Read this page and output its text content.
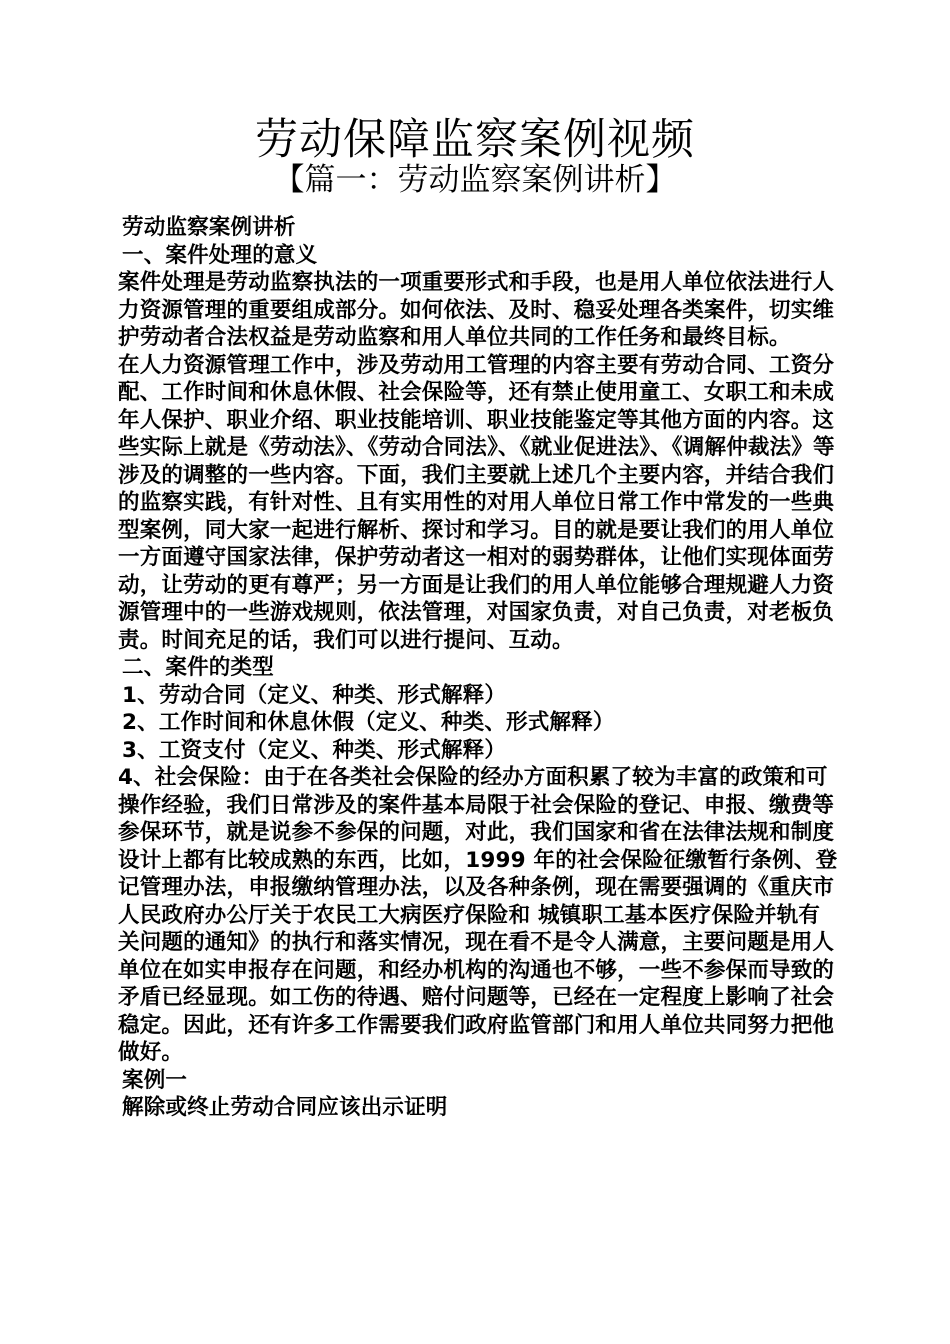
劳动保障监察案例视频
【篇一：劳动监察案例讲析】

劳动监察案例讲析

一、案件处理的意义

案件处理是劳动监察执法的一项重要形式和手段，也是用人单位依法进行人力资源管理的重要组成部分。如何依法、及时、稳妥处理各类案件，切实维护劳动者合法权益是劳动监察和用人单位共同的工作任务和最终目标。

在人力资源管理工作中，涉及劳动用工管理的内容主要有劳动合同、工资分配、工作时间和休息休假、社会保险等，还有禁止使用童工、女职工和未成年人保护、职业介绍、职业技能培训、职业技能鉴定等其他方面的内容。这些实际上就是《劳动法》、《劳动合同法》、《就业促进法》、《调解仲裁法》等涉及的调整的一些内容。下面，我们主要就上述几个主要内容，并结合我们的监察实践，有针对性、且有实用性的对用人单位日常工作中常发的一些典型案例，同大家一起进行解析、探讨和学习。目的就是要让我们的用人单位一方面遵守国家法律，保护劳动者这一相对的弱势群体，让他们实现体面劳动，让劳动的更有尊严；另一方面是让我们的用人单位能够合理规避人力资源管理中的一些游戏规则，依法管理，对国家负责，对自己负责，对老板负责。时间充足的话，我们可以进行提问、互动。

二、案件的类型

1、劳动合同（定义、种类、形式解释）

2、工作时间和休息休假（定义、种类、形式解释）

3、工资支付（定义、种类、形式解释）

4、社会保险：由于在各类社会保险的经办方面积累了较为丰富的政策和可操作经验，我们日常涉及的案件基本局限于社会保险的登记、申报、缴费等参保环节，就是说参不参保的问题，对此，我们国家和省在法律法规和制度设计上都有比较成熟的东西，比如，1999 年的社会保险征缴暂行条例、登记管理办法，申报缴纳管理办法，以及各种条例，现在需要强调的《重庆市人民政府办公厅关于农民工大病医疗保险和 城镇职工基本医疗保险并轨有关问题的通知》的执行和落实情况，现在看不是令人满意，主要问题是用人单位在如实申报存在问题，和经办机构的沟通也不够，一些不参保而导致的矛盾已经显现。如工伤的待遇、赔付问题等，已经在一定程度上影响了社会稳定。因此，还有许多工作需要我们政府监管部门和用人单位共同努力把他做好。

案例一

解除或终止劳动合同应该出示证明
